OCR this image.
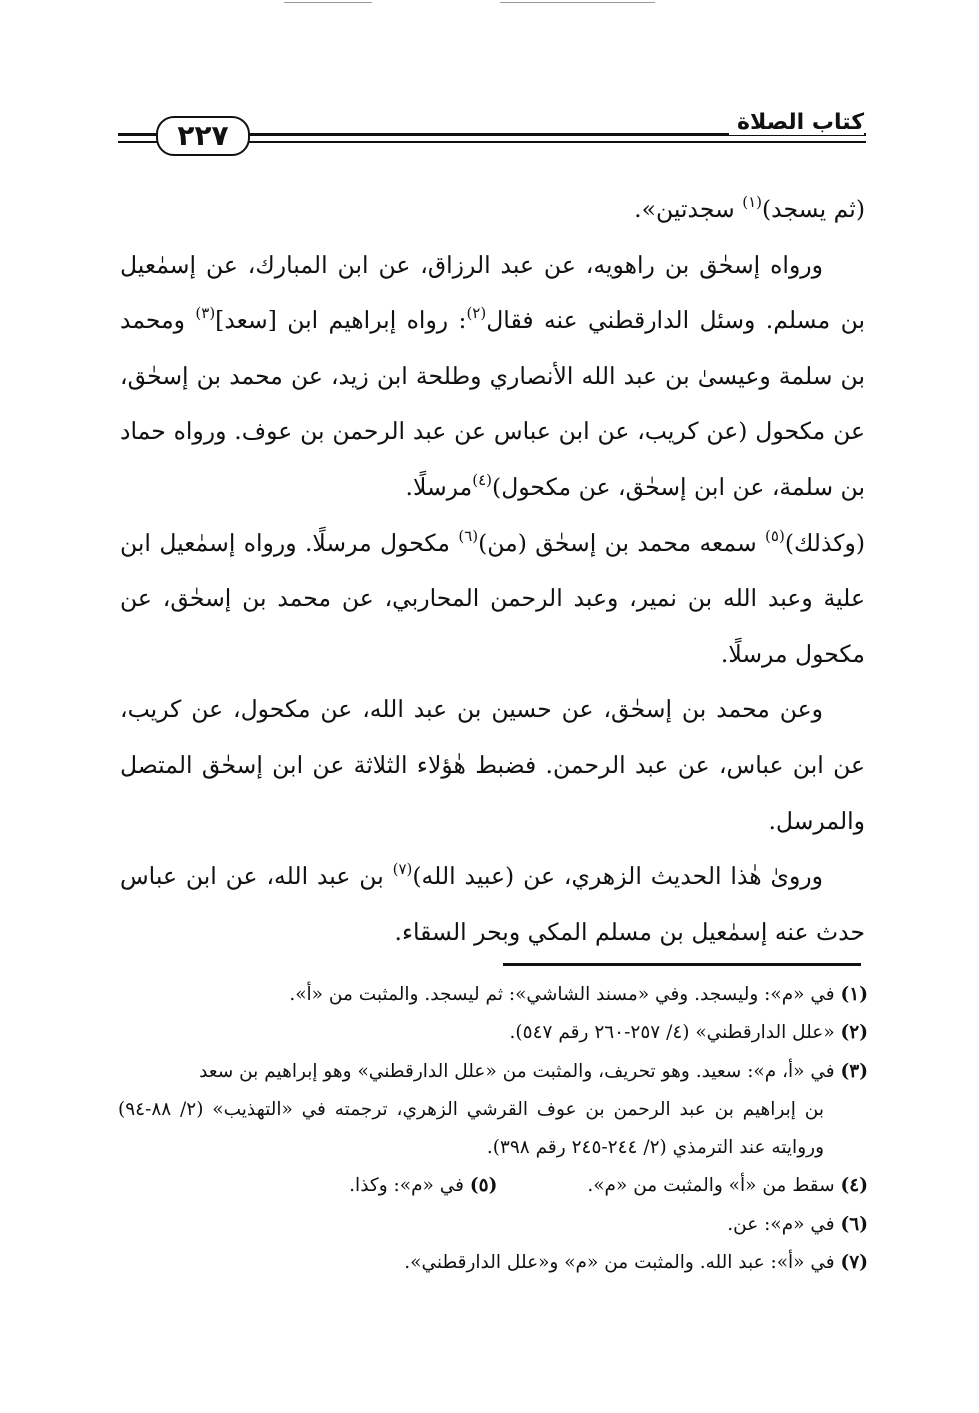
كتاب الصلاة
٢٢٧

(ثم يسجد)$^{(١)}$ سجدتين».

ورواه إسحٰق بن راهويه، عن عبد الرزاق، عن ابن المبارك، عن إسمٰعيل بن مسلم. وسئل الدارقطني عنه فقال$^{(٢)}$: رواه إبراهيم ابن [سعد]$^{(٣)}$ ومحمد بن سلمة وعيسىٰ بن عبد الله الأنصاري وطلحة ابن زيد، عن محمد بن إسحٰق، عن مكحول (عن كريب، عن ابن عباس عن عبد الرحمن بن عوف. ورواه حماد بن سلمة، عن ابن إسحٰق، عن مكحول)$^{(٤)}$مرسلًا.

(وكذلك)$^{(٥)}$ سمعه محمد بن إسحٰق (من)$^{(٦)}$ مكحول مرسلًا. ورواه إسمٰعيل ابن علية وعبد الله بن نمير، وعبد الرحمن المحاربي، عن محمد بن إسحٰق، عن مكحول مرسلًا.

وعن محمد بن إسحٰق، عن حسين بن عبد الله، عن مكحول، عن كريب، عن ابن عباس، عن عبد الرحمن. فضبط هٰؤلاء الثلاثة عن ابن إسحٰق المتصل والمرسل.

وروىٰ هٰذا الحديث الزهري، عن (عبيد الله)$^{(٧)}$ بن عبد الله، عن ابن عباس حدث عنه إسمٰعيل بن مسلم المكي وبحر السقاء.

(١) في «م»: وليسجد. وفي «مسند الشاشي»: ثم ليسجد. والمثبت من «أ».

(٢) «علل الدارقطني» (٤/ ٢٥٧-٢٦٠ رقم ٥٤٧).

(٣) في «أ، م»: سعيد. وهو تحريف، والمثبت من «علل الدارقطني» وهو إبراهيم بن سعد

بن إبراهيم بن عبد الرحمن بن عوف القرشي الزهري، ترجمته في «التهذيب» (٢/ ٨٨-٩٤) وروايته عند الترمذي (٢/ ٢٤٤-٢٤٥ رقم ٣٩٨).

(٤) سقط من «أ» والمثبت من «م».(٥) في «م»: وكذا.

(٦) في «م»: عن.

(٧) في «أ»: عبد الله. والمثبت من «م» و«علل الدارقطني».
